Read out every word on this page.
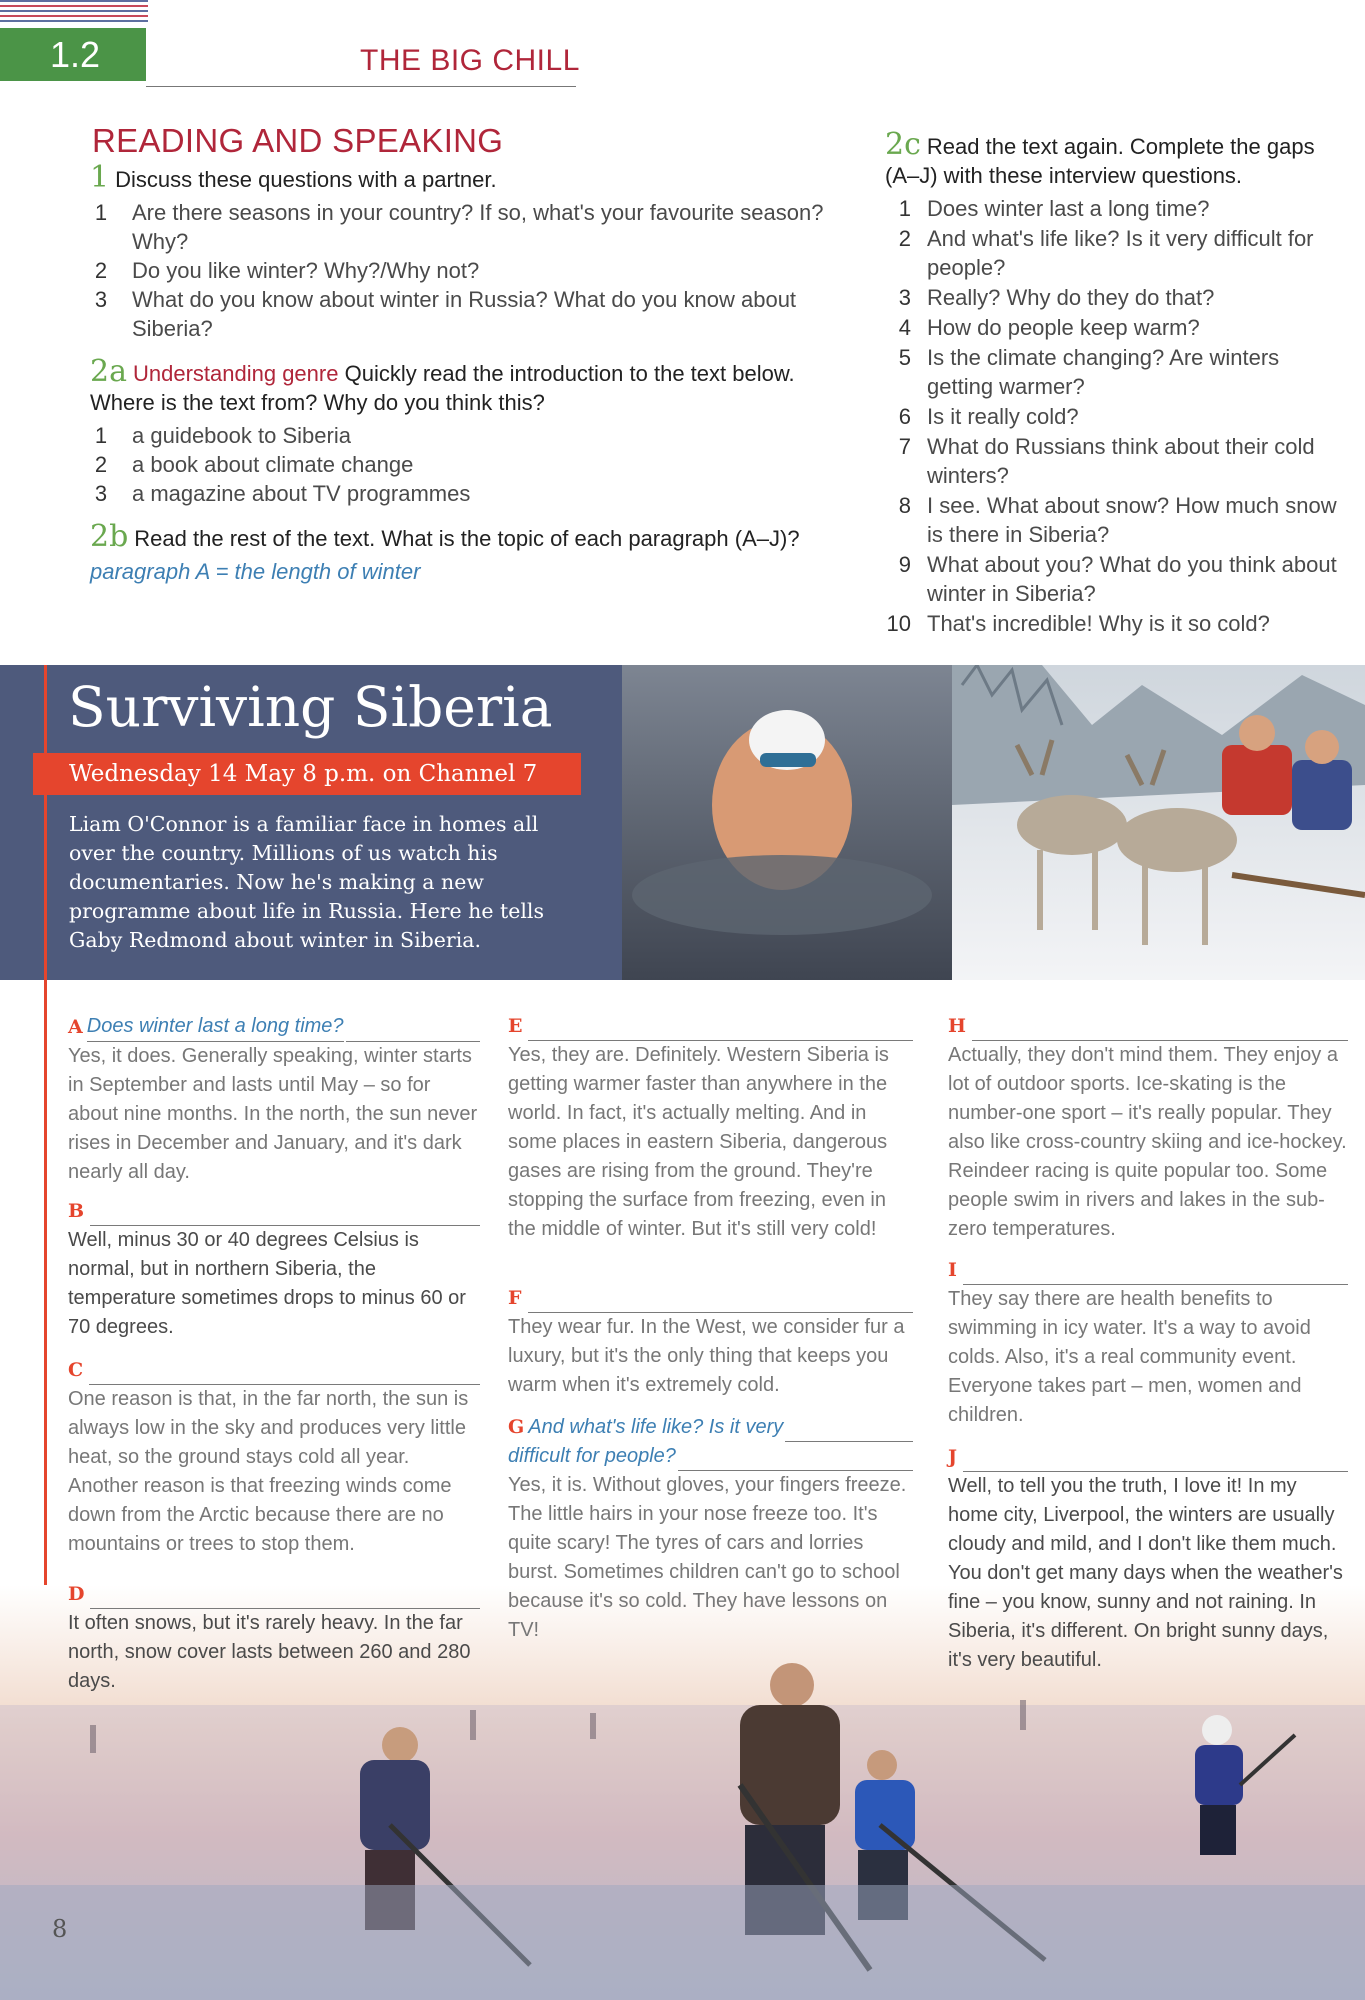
1.2	THE BIG CHILL
READING AND SPEAKING
1 Discuss these questions with a partner.
1 Are there seasons in your country? If so, what's your favourite season? Why?
2 Do you like winter? Why?/Why not?
3 What do you know about winter in Russia? What do you know about Siberia?
2a Understanding genre Quickly read the introduction to the text below. Where is the text from? Why do you think this?
1 a guidebook to Siberia
2 a book about climate change
3 a magazine about TV programmes
2b Read the rest of the text. What is the topic of each paragraph (A–J)?
paragraph A = the length of winter
2c Read the text again. Complete the gaps (A–J) with these interview questions.
1 Does winter last a long time?
2 And what's life like? Is it very difficult for people?
3 Really? Why do they do that?
4 How do people keep warm?
5 Is the climate changing? Are winters getting warmer?
6 Is it really cold?
7 What do Russians think about their cold winters?
8 I see. What about snow? How much snow is there in Siberia?
9 What about you? What do you think about winter in Siberia?
10 That's incredible! Why is it so cold?
Surviving Siberia
Wednesday 14 May 8 p.m. on Channel 7
Liam O'Connor is a familiar face in homes all over the country. Millions of us watch his documentaries. Now he's making a new programme about life in Russia. Here he tells Gaby Redmond about winter in Siberia.
A Does winter last a long time?
Yes, it does. Generally speaking, winter starts in September and lasts until May – so for about nine months. In the north, the sun never rises in December and January, and it's dark nearly all day.
B
Well, minus 30 or 40 degrees Celsius is normal, but in northern Siberia, the temperature sometimes drops to minus 60 or 70 degrees.
C
One reason is that, in the far north, the sun is always low in the sky and produces very little heat, so the ground stays cold all year. Another reason is that freezing winds come down from the Arctic because there are no mountains or trees to stop them.
D
It often snows, but it's rarely heavy. In the far north, snow cover lasts between 260 and 280 days.
E
Yes, they are. Definitely. Western Siberia is getting warmer faster than anywhere in the world. In fact, it's actually melting. And in some places in eastern Siberia, dangerous gases are rising from the ground. They're stopping the surface from freezing, even in the middle of winter. But it's still very cold!
F
They wear fur. In the West, we consider fur a luxury, but it's the only thing that keeps you warm when it's extremely cold.
G And what's life like? Is it very
difficult for people?
Yes, it is. Without gloves, your fingers freeze. The little hairs in your nose freeze too. It's quite scary! The tyres of cars and lorries burst. Sometimes children can't go to school because it's so cold. They have lessons on TV!
H
Actually, they don't mind them. They enjoy a lot of outdoor sports. Ice-skating is the number-one sport – it's really popular. They also like cross-country skiing and ice-hockey. Reindeer racing is quite popular too. Some people swim in rivers and lakes in the sub-zero temperatures.
I
They say there are health benefits to swimming in icy water. It's a way to avoid colds. Also, it's a real community event. Everyone takes part – men, women and children.
J
Well, to tell you the truth, I love it! In my home city, Liverpool, the winters are usually cloudy and mild, and I don't like them much. You don't get many days when the weather's fine – you know, sunny and not raining. In Siberia, it's different. On bright sunny days, it's very beautiful.
8
